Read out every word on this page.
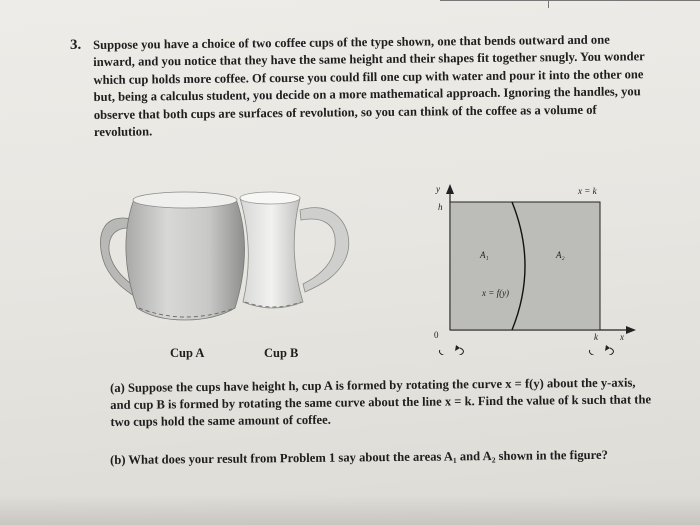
3. Suppose you have a choice of two coffee cups of the type shown, one that bends outward and one inward, and you notice that they have the same height and their shapes fit together snugly. You wonder which cup holds more coffee. Of course you could fill one cup with water and pour it into the other one but, being a calculus student, you decide on a more mathematical approach. Ignoring the handles, you observe that both cups are surfaces of revolution, so you can think of the coffee as a volume of revolution.
Cup A	Cup B
y
h
x = k
A₁	A₂
x = f(y)
0	k x
(a) Suppose the cups have height h, cup A is formed by rotating the curve x = f(y) about the y-axis, and cup B is formed by rotating the same curve about the line x = k. Find the value of k such that the two cups hold the same amount of coffee.
(b) What does your result from Problem 1 say about the areas A₁ and A₂ shown in the figure?
